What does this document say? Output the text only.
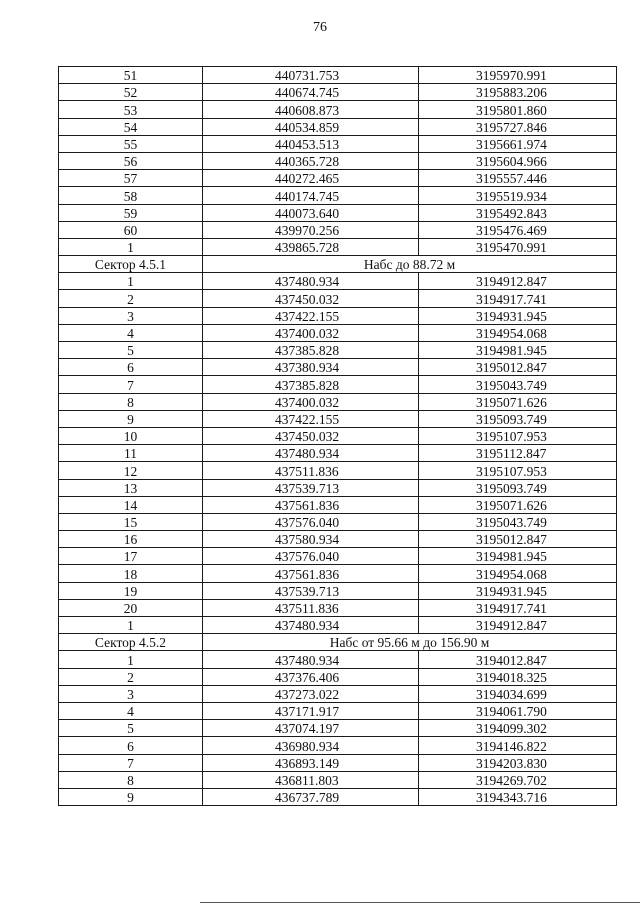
76
51	440731.753	3195970.991
52	440674.745	3195883.206
53	440608.873	3195801.860
54	440534.859	3195727.846
55	440453.513	3195661.974
56	440365.728	3195604.966
57	440272.465	3195557.446
58	440174.745	3195519.934
59	440073.640	3195492.843
60	439970.256	3195476.469
1	439865.728	3195470.991
Сектор 4.5.1	Набс до 88.72 м	
1	437480.934	3194912.847
2	437450.032	3194917.741
3	437422.155	3194931.945
4	437400.032	3194954.068
5	437385.828	3194981.945
6	437380.934	3195012.847
7	437385.828	3195043.749
8	437400.032	3195071.626
9	437422.155	3195093.749
10	437450.032	3195107.953
11	437480.934	3195112.847
12	437511.836	3195107.953
13	437539.713	3195093.749
14	437561.836	3195071.626
15	437576.040	3195043.749
16	437580.934	3195012.847
17	437576.040	3194981.945
18	437561.836	3194954.068
19	437539.713	3194931.945
20	437511.836	3194917.741
1	437480.934	3194912.847
Сектор 4.5.2	Набс от 95.66 м до 156.90 м	
1	437480.934	3194012.847
2	437376.406	3194018.325
3	437273.022	3194034.699
4	437171.917	3194061.790
5	437074.197	3194099.302
6	436980.934	3194146.822
7	436893.149	3194203.830
8	436811.803	3194269.702
9	436737.789	3194343.716
